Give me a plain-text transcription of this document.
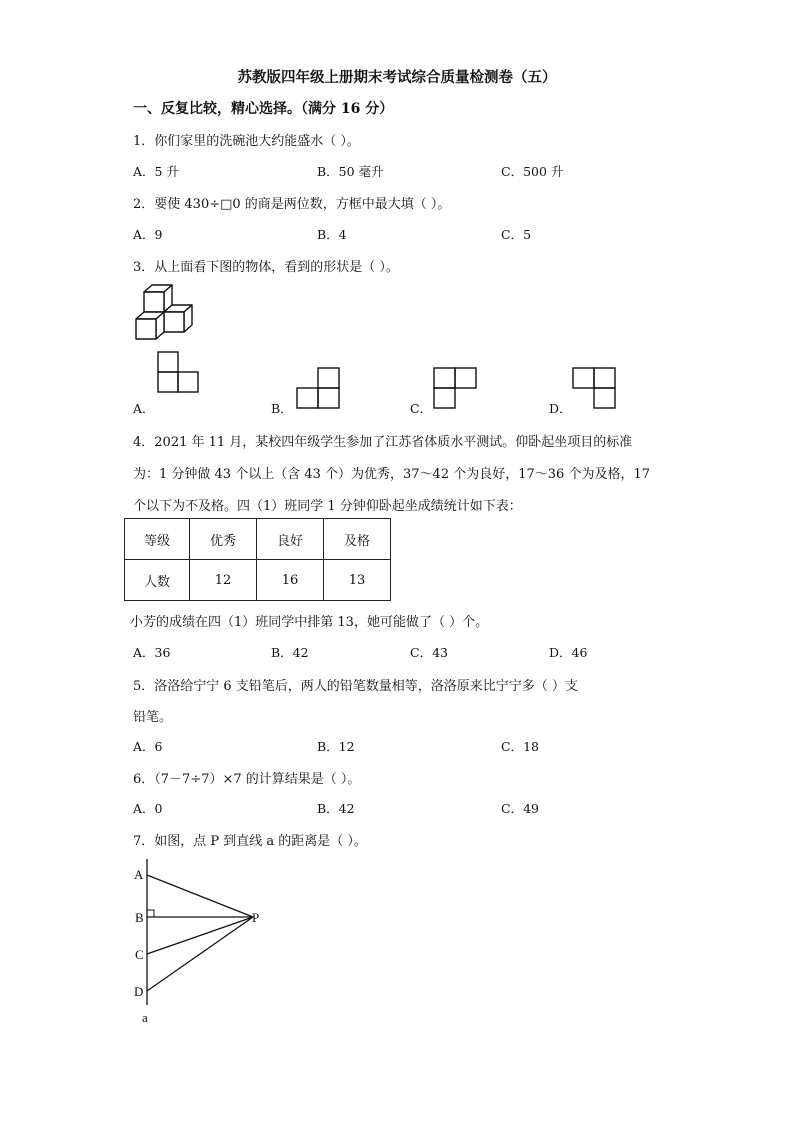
苏教版四年级上册期末考试综合质量检测卷（五）
一、反复比较，精心选择。（满分 16 分）
1．你们家里的洗碗池大约能盛水（ ）。
A．5 升	B．50 毫升	C．500 升
2．要使 430÷□0 的商是两位数，方框中最大填（ ）。
A．9	B．4	C．5
3．从上面看下图的物体，看到的形状是（ ）。
A．	B．	C．	D．
4．2021 年 11 月，某校四年级学生参加了江苏省体质水平测试。仰卧起坐项目的标准
为：1 分钟做 43 个以上（含 43 个）为优秀，37～42 个为良好，17～36 个为及格，17
个以下为不及格。四（1）班同学 1 分钟仰卧起坐成绩统计如下表：
等级	优秀	良好	及格
人数	12	16	13
小芳的成绩在四（1）班同学中排第 13，她可能做了（ ）个。
A．36	B．42	C．43	D．46
5．洛洛给宁宁 6 支铅笔后，两人的铅笔数量相等，洛洛原来比宁宁多（ ）支
铅笔。
A．6	B．12	C．18
6．（7－7÷7）×7 的计算结果是（ ）。
A．0	B．42	C．49
7．如图，点 P 到直线 a 的距离是（ ）。
A
B
C
D
P
a
